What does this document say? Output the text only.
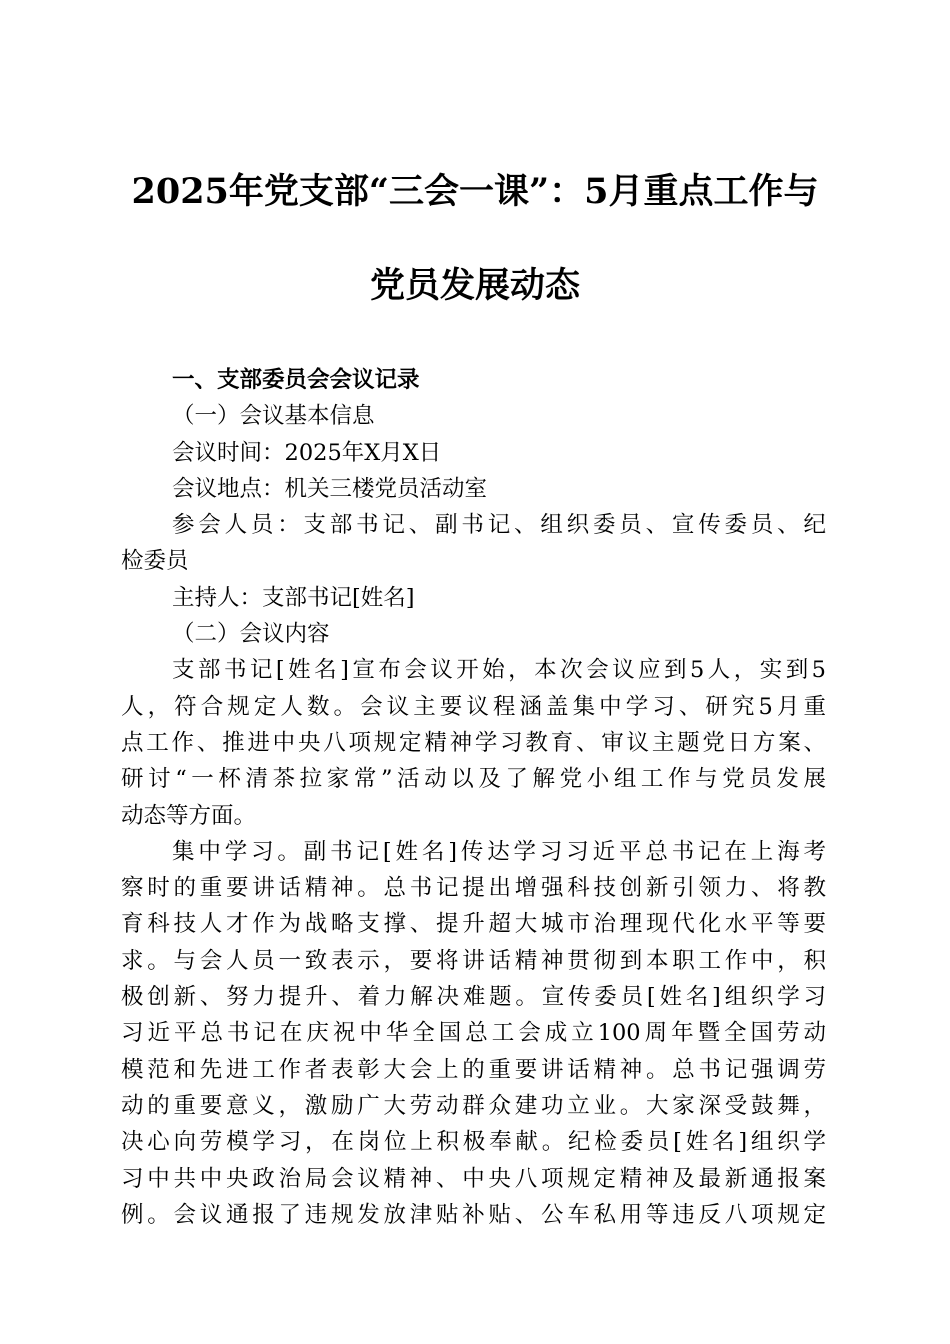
2025年党支部“三会一课”：5月重点工作与
党员发展动态
一、支部委员会会议记录
（一）会议基本信息
会议时间：2025年X月X日
会议地点：机关三楼党员活动室
参会人员：支部书记、副书记、组织委员、宣传委员、纪
检委员
主持人：支部书记[姓名]
（二）会议内容
支部书记[姓名]宣布会议开始，本次会议应到5人，实到5
人，符合规定人数。会议主要议程涵盖集中学习、研究5月重
点工作、推进中央八项规定精神学习教育、审议主题党日方案、
研讨“一杯清茶拉家常”活动以及了解党小组工作与党员发展
动态等方面。
集中学习。副书记[姓名]传达学习习近平总书记在上海考
察时的重要讲话精神。总书记提出增强科技创新引领力、将教
育科技人才作为战略支撑、提升超大城市治理现代化水平等要
求。与会人员一致表示，要将讲话精神贯彻到本职工作中，积
极创新、努力提升、着力解决难题。宣传委员[姓名]组织学习
习近平总书记在庆祝中华全国总工会成立100周年暨全国劳动
模范和先进工作者表彰大会上的重要讲话精神。总书记强调劳
动的重要意义，激励广大劳动群众建功立业。大家深受鼓舞，
决心向劳模学习，在岗位上积极奉献。纪检委员[姓名]组织学
习中共中央政治局会议精神、中央八项规定精神及最新通报案
例。会议通报了违规发放津贴补贴、公车私用等违反八项规定
